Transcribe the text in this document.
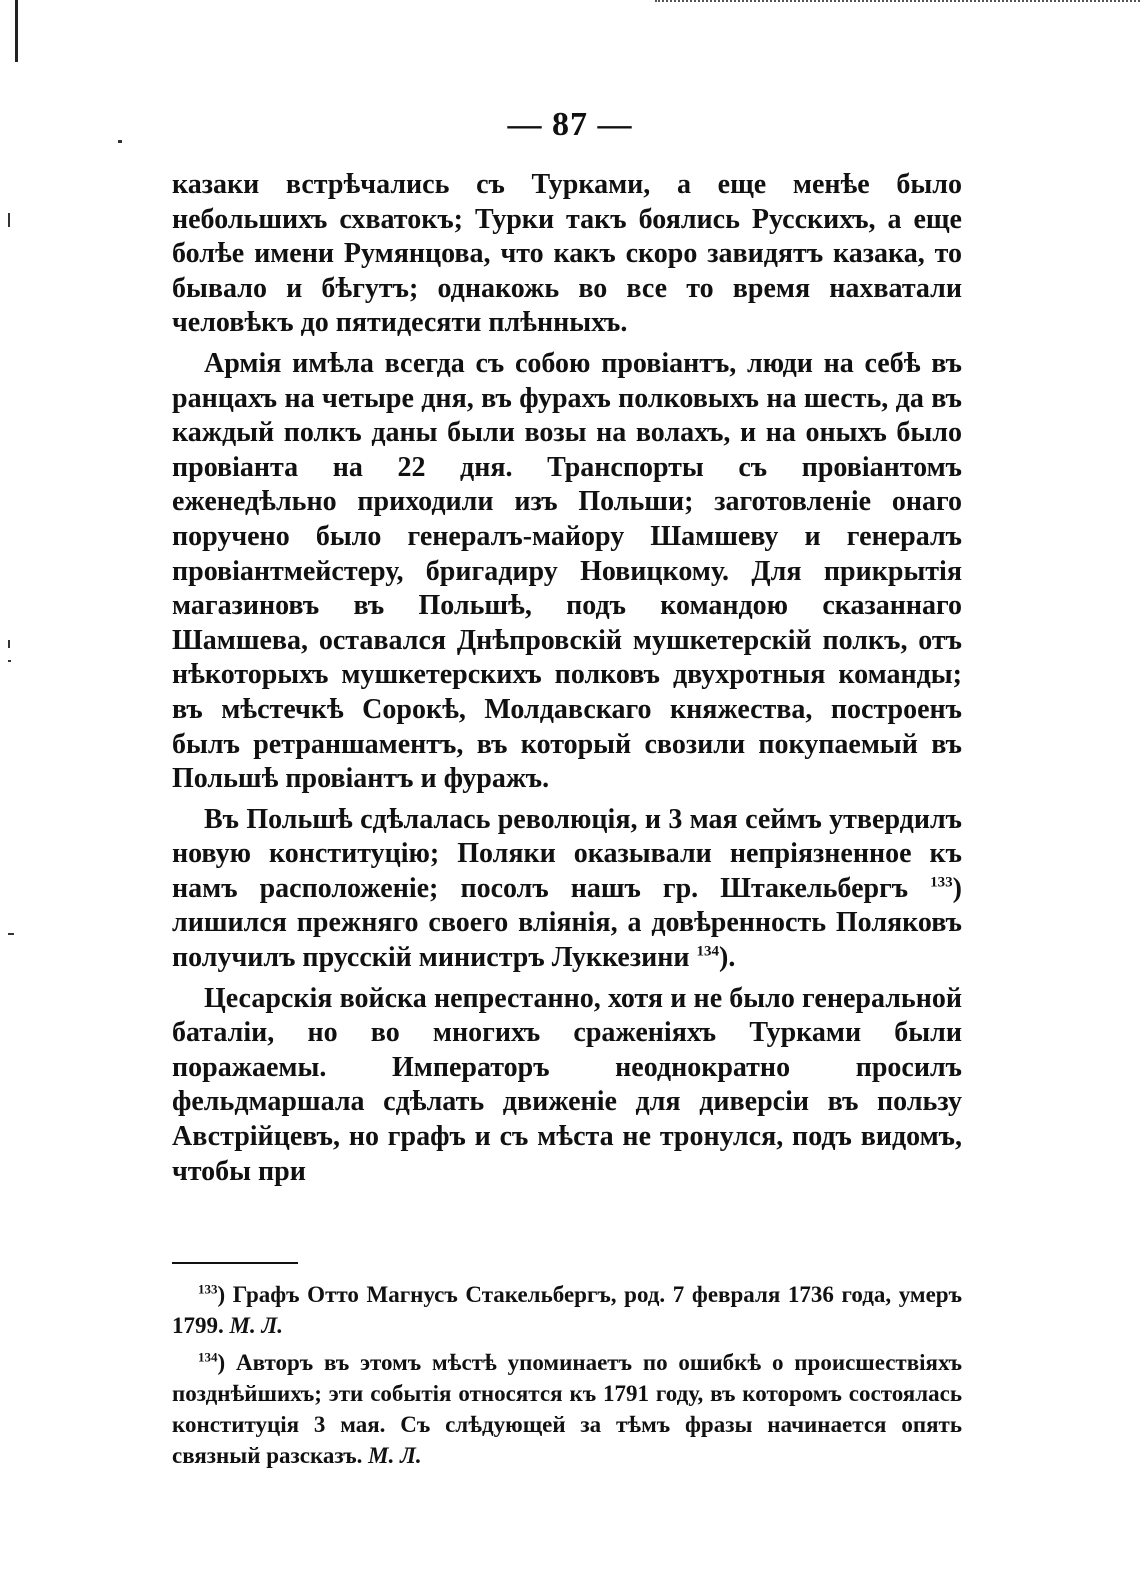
— 87 —

казаки встрѣчались съ Турками, а еще менѣе было небольшихъ схватокъ; Турки такъ боялись Русскихъ, а еще болѣе имени Румянцова, что какъ скоро завидятъ казака, то бывало и бѣгутъ; однакожь во все то время нахватали человѣкъ до пятидесяти плѣнныхъ.

Армія имѣла всегда съ собою провіантъ, люди на себѣ въ ранцахъ на четыре дня, въ фурахъ полковыхъ на шесть, да въ каждый полкъ даны были возы на волахъ, и на оныхъ было провіанта на 22 дня. Транспорты съ провіантомъ еженедѣльно приходили изъ Польши; заготовленіе онаго поручено было генералъ-майору Шамшеву и генералъ провіантмейстеру, бригадиру Новицкому. Для прикрытія магазиновъ въ Польшѣ, подъ командою сказаннаго Шамшева, оставался Днѣпровскій мушкетерскій полкъ, отъ нѣкоторыхъ мушкетерскихъ полковъ двухротныя команды; въ мѣстечкѣ Сорокѣ, Молдавскаго княжества, построенъ былъ ретраншаментъ, въ который свозили покупаемый въ Польшѣ провіантъ и фуражъ.

Въ Польшѣ сдѣлалась революція, и 3 мая сеймъ утвердилъ новую конституцію; Поляки оказывали непріязненное къ намъ расположеніе; посолъ нашъ гр. Штакельбергъ $^{133}$) лишился прежняго своего вліянія, а довѣренность Поляковъ получилъ прусскій министръ Луккезини $^{134}$).

Цесарскія войска непрестанно, хотя и не было генеральной баталіи, но во многихъ сраженіяхъ Турками были поражаемы. Императоръ неоднократно просилъ фельдмаршала сдѣлать движеніе для диверсіи въ пользу Австрійцевъ, но графъ и съ мѣста не тронулся, подъ видомъ, чтобы при

$^{133}$) Графъ Отто Магнусъ Стакельбергъ, род. 7 февраля 1736 года, умеръ 1799. М. Л.

$^{134}$) Авторъ въ этомъ мѣстѣ упоминаетъ по ошибкѣ о происшествіяхъ позднѣйшихъ; эти событія относятся къ 1791 году, въ которомъ состоялась конституція 3 мая. Съ слѣдующей за тѣмъ фразы начинается опять связный разсказъ. М. Л.
